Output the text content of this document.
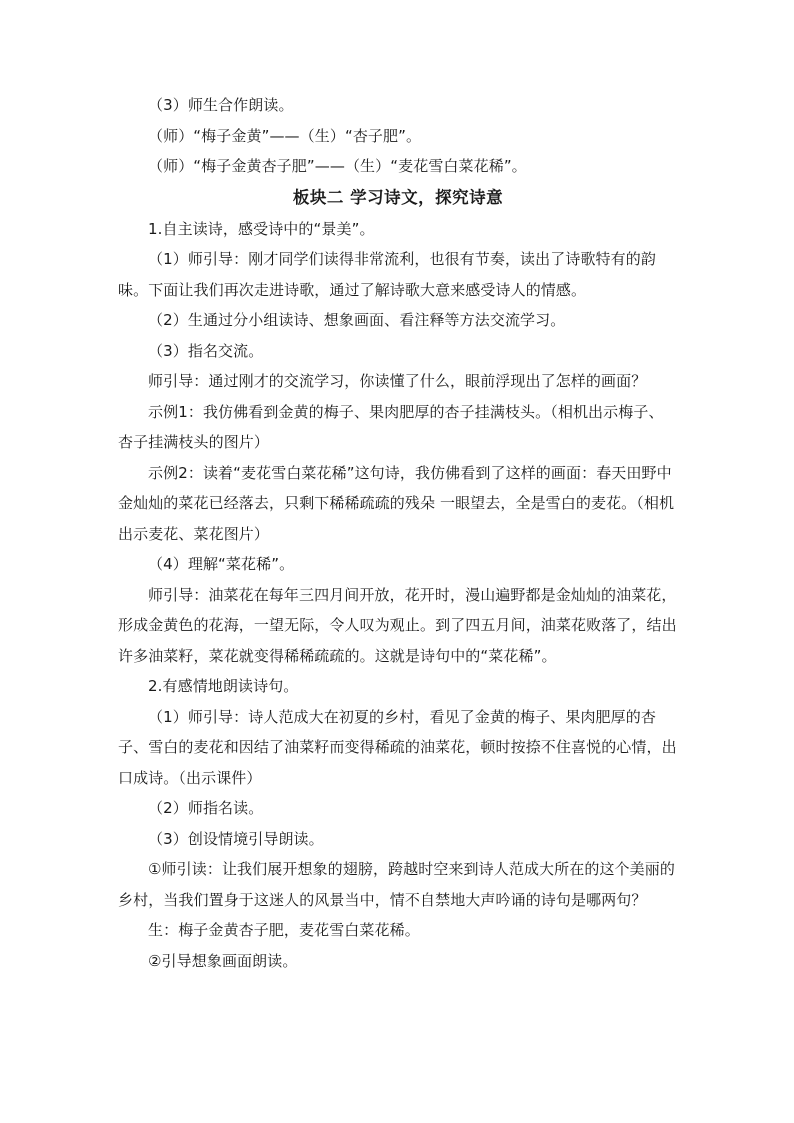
（3）师生合作朗读。

（师）“梅子金黄”——（生）“杏子肥”。

（师）“梅子金黄杏子肥”——（生）“麦花雪白菜花稀”。

板块二 学习诗文，探究诗意

1.自主读诗，感受诗中的“景美”。

（1）师引导：刚才同学们读得非常流利，也很有节奏，读出了诗歌特有的韵味。下面让我们再次走进诗歌，通过了解诗歌大意来感受诗人的情感。

（2）生通过分小组读诗、想象画面、看注释等方法交流学习。

（3）指名交流。

师引导：通过刚才的交流学习，你读懂了什么，眼前浮现出了怎样的画面？

示例1：我仿佛看到金黄的梅子、果肉肥厚的杏子挂满枝头。（相机出示梅子、杏子挂满枝头的图片）

示例2：读着“麦花雪白菜花稀”这句诗，我仿佛看到了这样的画面：春天田野中金灿灿的菜花已经落去，只剩下稀稀疏疏的残朵 一眼望去，全是雪白的麦花。（相机出示麦花、菜花图片）

（4）理解“菜花稀”。

师引导：油菜花在每年三四月间开放，花开时，漫山遍野都是金灿灿的油菜花，形成金黄色的花海，一望无际，令人叹为观止。到了四五月间，油菜花败落了，结出许多油菜籽，菜花就变得稀稀疏疏的。这就是诗句中的“菜花稀”。

2.有感情地朗读诗句。

（1）师引导：诗人范成大在初夏的乡村，看见了金黄的梅子、果肉肥厚的杏子、雪白的麦花和因结了油菜籽而变得稀疏的油菜花，顿时按捺不住喜悦的心情，出口成诗。（出示课件）

（2）师指名读。

（3）创设情境引导朗读。

①师引读：让我们展开想象的翅膀，跨越时空来到诗人范成大所在的这个美丽的乡村，当我们置身于这迷人的风景当中，情不自禁地大声吟诵的诗句是哪两句？

生：梅子金黄杏子肥，麦花雪白菜花稀。

②引导想象画面朗读。
